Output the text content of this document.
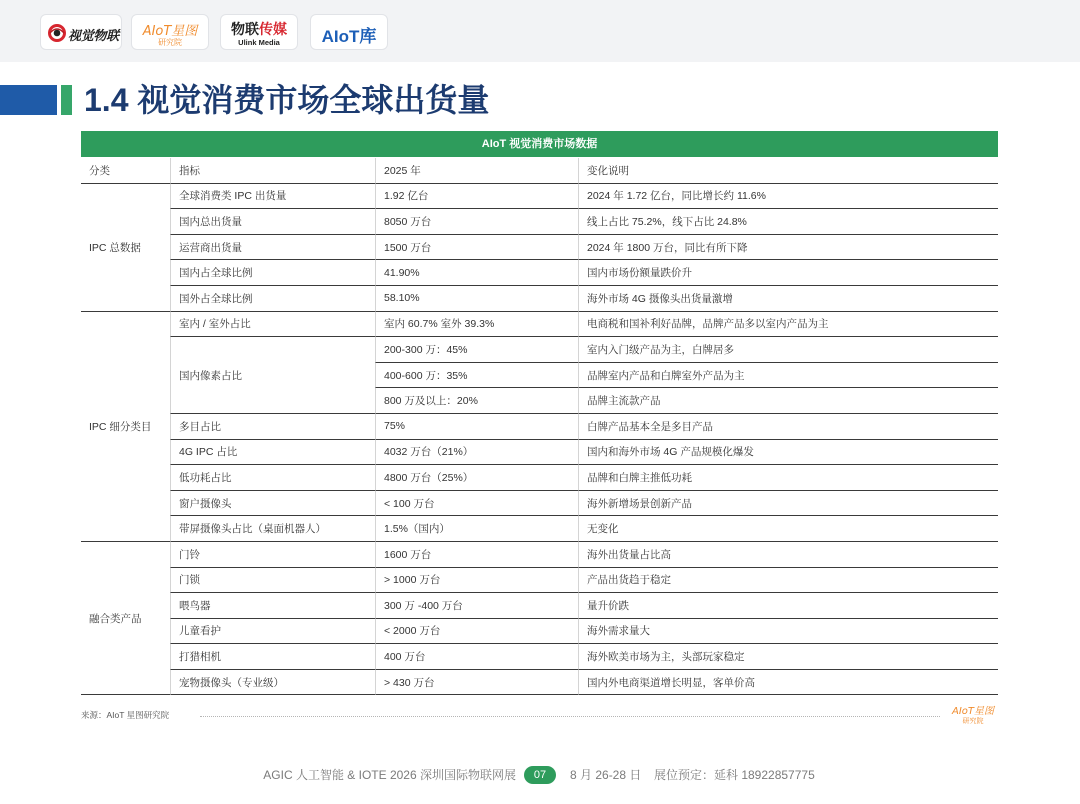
视觉物联	AIoT星图
研究院
物联传媒
Ulink Media	AIoT库
1.4 视觉消费市场全球出货量
AIoT 视觉消费市场数据
分类	指标	2025 年	变化说明
IPC 总数据
全球消费类 IPC 出货量	1.92 亿台	2024 年 1.72 亿台，同比增长约 11.6%
国内总出货量	8050 万台	线上占比 75.2%，线下占比 24.8%
运营商出货量	1500 万台	2024 年 1800 万台，同比有所下降
国内占全球比例	41.90%	国内市场份额量跌价升
国外占全球比例	58.10%	海外市场 4G 摄像头出货量激增
IPC 细分类目
室内 / 室外占比	室内 60.7% 室外 39.3%	电商税和国补利好品牌，品牌产品多以室内产品为主
国内像素占比
200-300 万：45%	室内入门级产品为主，白牌居多
400-600 万：35%	品牌室内产品和白牌室外产品为主
800 万及以上：20%	品牌主流款产品
多目占比	75%	白牌产品基本全是多目产品
4G IPC 占比	4032 万台（21%）	国内和海外市场 4G 产品规模化爆发
低功耗占比	4800 万台（25%）	品牌和白牌主推低功耗
窗户摄像头	< 100 万台	海外新增场景创新产品
带屏摄像头占比（桌面机器人）	1.5%（国内）	无变化
融合类产品
门铃	1600 万台	海外出货量占比高
门锁	> 1000 万台	产品出货趋于稳定
喂鸟器	300 万 -400 万台	量升价跌
儿童看护	< 2000 万台	海外需求量大
打猎相机	400 万台	海外欧美市场为主，头部玩家稳定
宠物摄像头（专业级）	> 430 万台	国内外电商渠道增长明显，客单价高
来源：AIoT 星图研究院	AIoT星图
研究院
AGIC 人工智能 & IOTE 2026 深圳国际物联网展	07	8 月 26-28 日 展位预定：延科 18922857775
